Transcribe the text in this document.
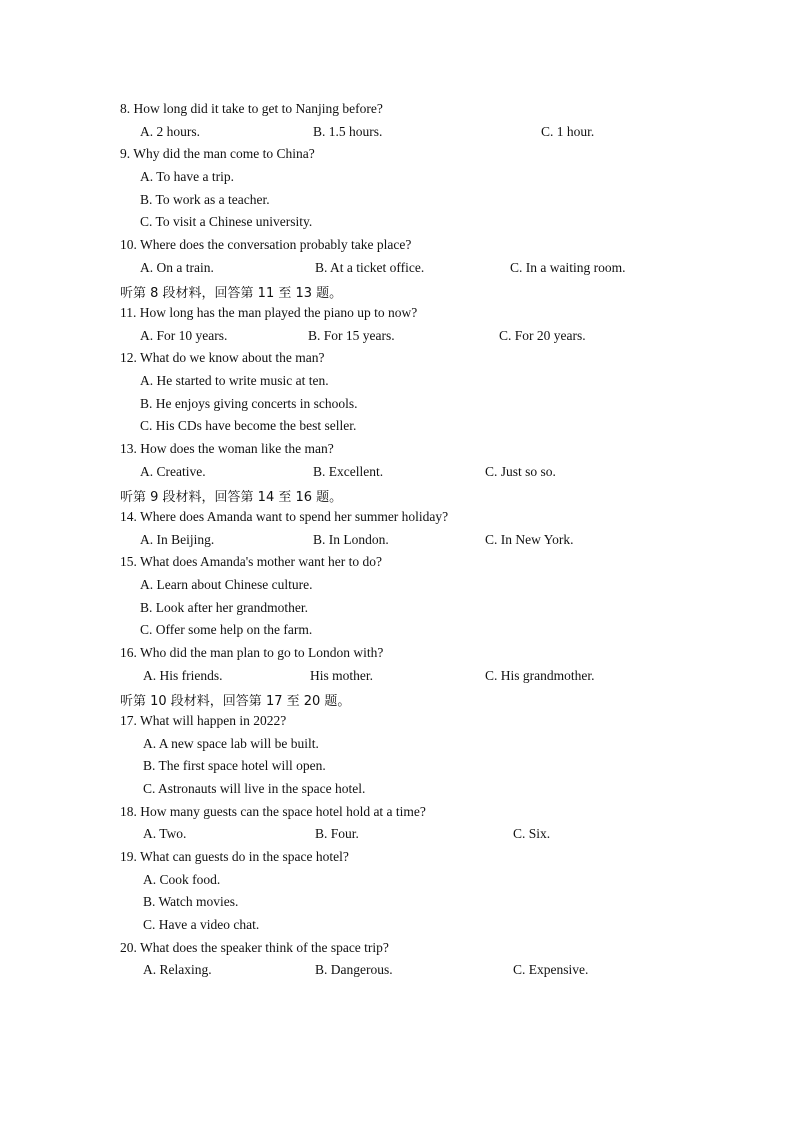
8. How long did it take to get to Nanjing before?
A. 2 hours.	B. 1.5 hours.	C. 1 hour.
9. Why did the man come to China?
A. To have a trip.
B. To work as a teacher.
C. To visit a Chinese university.
10. Where does the conversation probably take place?
A. On a train.	B. At a ticket office.	C. In a waiting room.
听第 8 段材料，回答第 11 至 13 题。
11. How long has the man played the piano up to now?
A. For 10 years.	B. For 15 years.	C. For 20 years.
12. What do we know about the man?
A. He started to write music at ten.
B. He enjoys giving concerts in schools.
C. His CDs have become the best seller.
13. How does the woman like the man?
A. Creative.	B. Excellent.	C. Just so so.
听第 9 段材料，回答第 14 至 16 题。
14. Where does Amanda want to spend her summer holiday?
A. In Beijing.	B. In London.	C. In New York.
15. What does Amanda's mother want her to do?
A. Learn about Chinese culture.
B. Look after her grandmother.
C. Offer some help on the farm.
16. Who did the man plan to go to London with?
A. His friends.	His mother.	C. His grandmother.
听第 10 段材料，回答第 17 至 20 题。
17. What will happen in 2022?
A. A new space lab will be built.
B. The first space hotel will open.
C. Astronauts will live in the space hotel.
18. How many guests can the space hotel hold at a time?
A. Two.	B. Four.	C. Six.
19. What can guests do in the space hotel?
A. Cook food.
B. Watch movies.
C. Have a video chat.
20. What does the speaker think of the space trip?
A. Relaxing.	B. Dangerous.	C. Expensive.
